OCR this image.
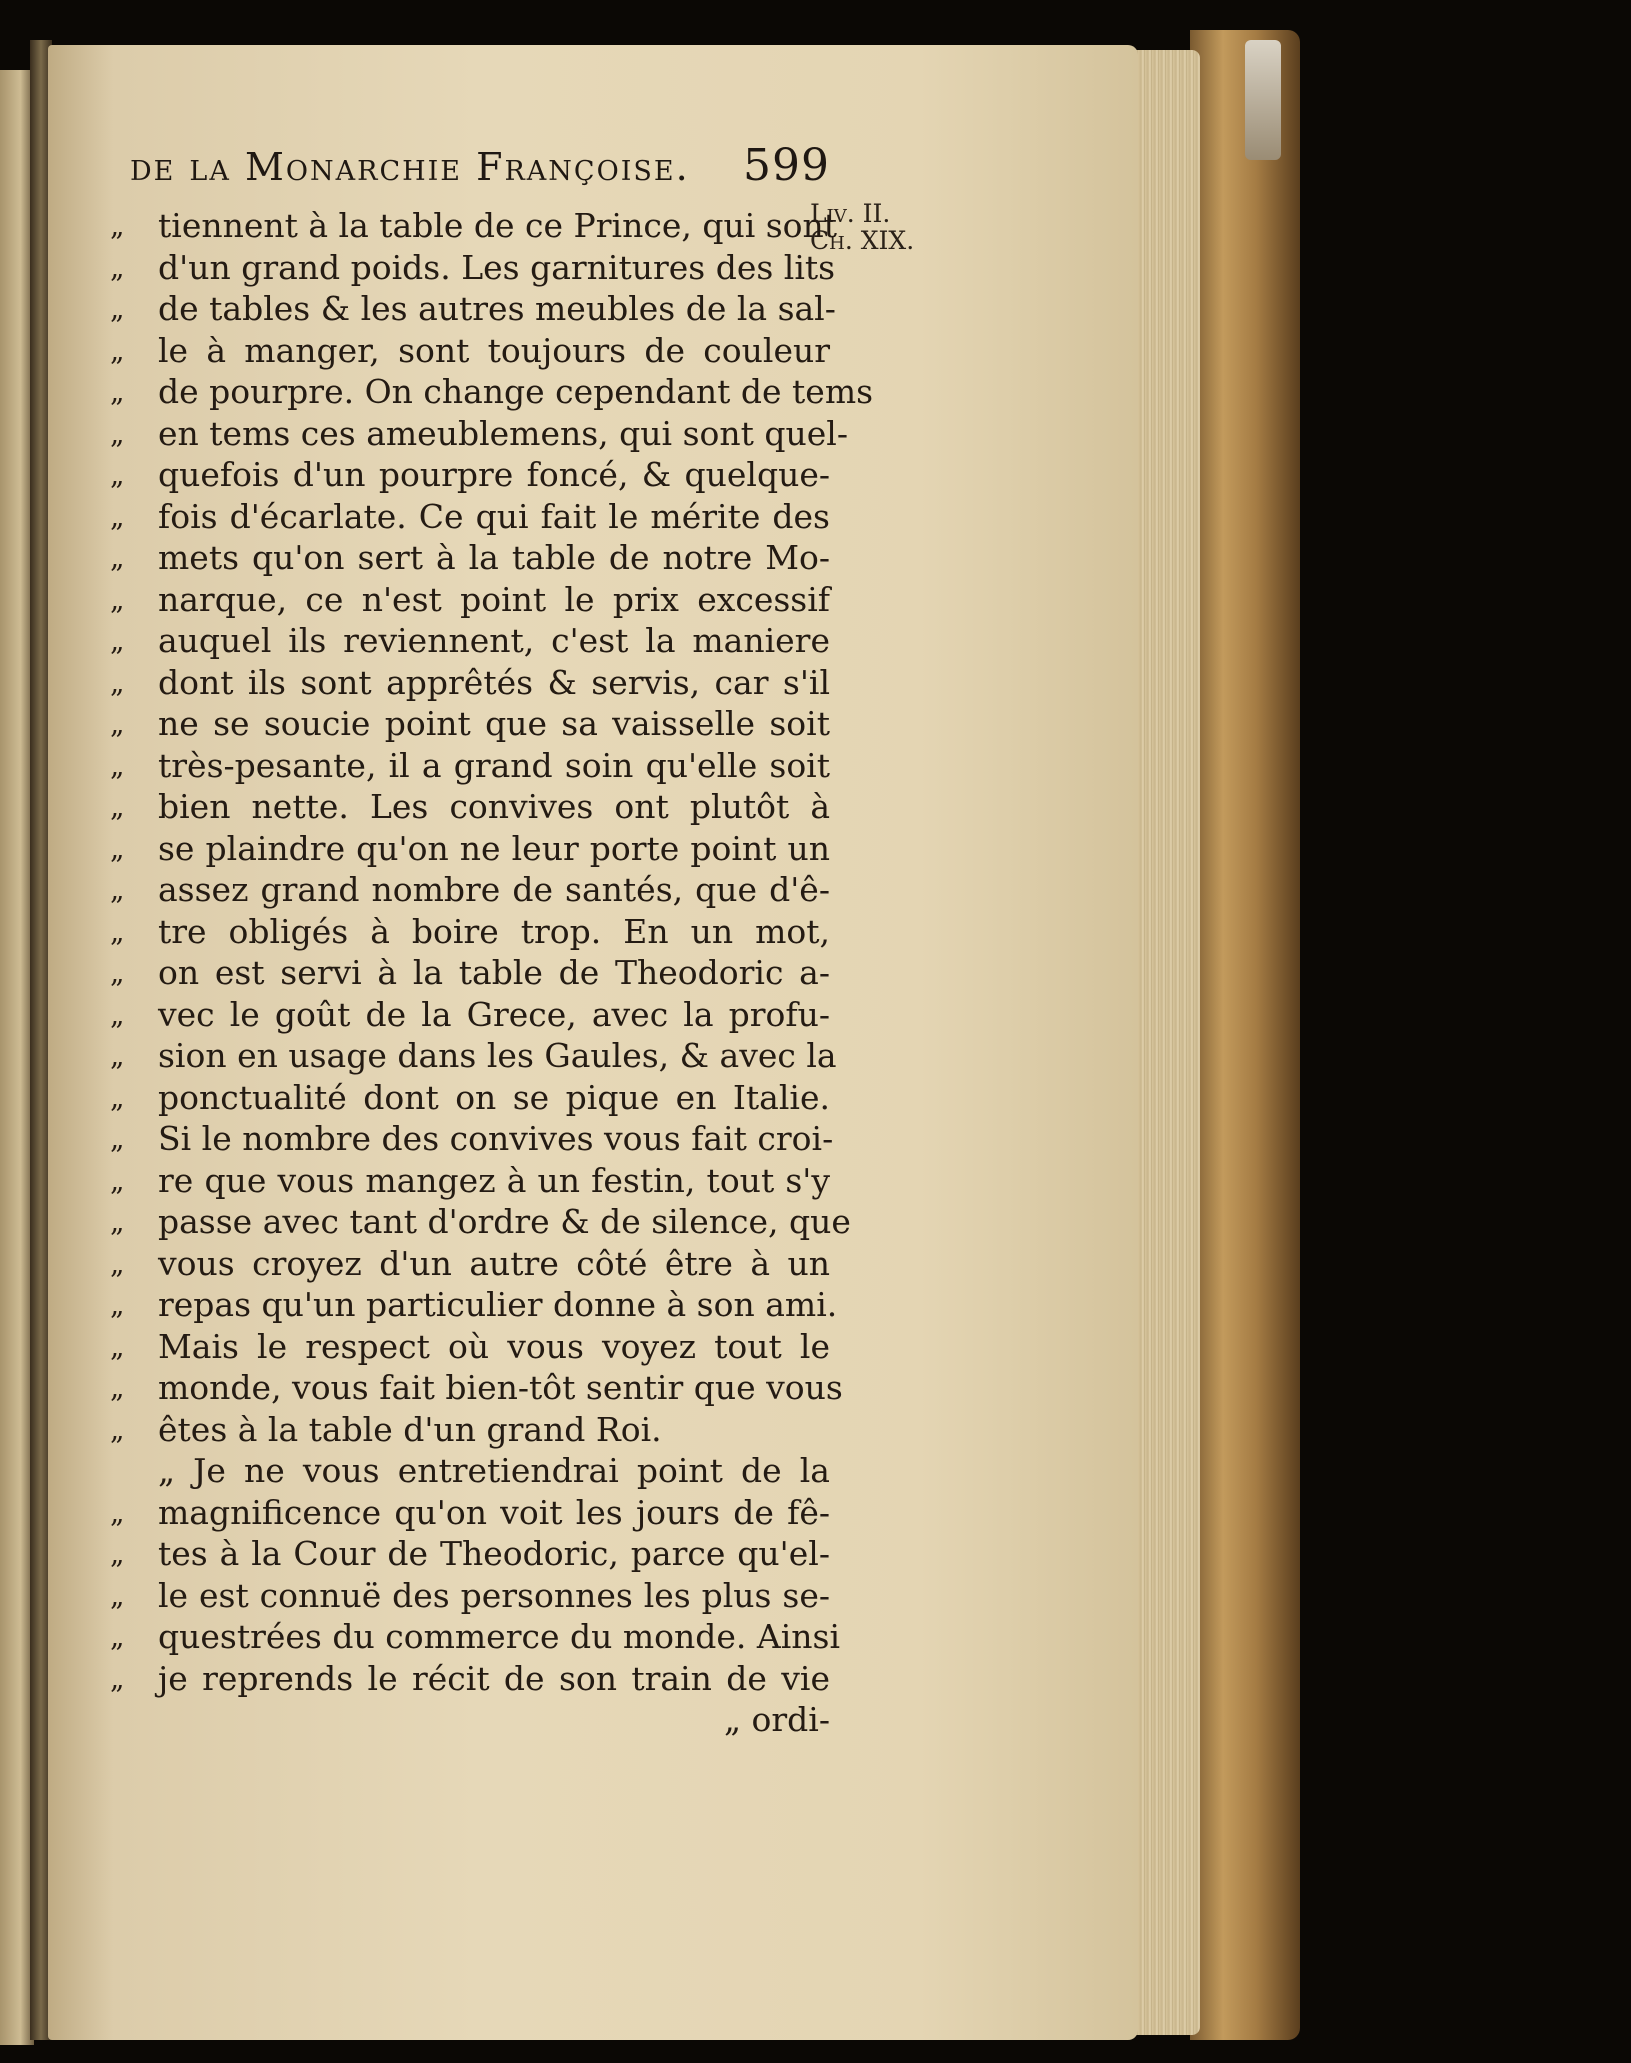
de la Monarchie Françoise. 599
Liv. II.
Ch. XIX.
„	tiennent à la table de ce Prince, qui sont
„	d'un grand poids. Les garnitures des lits
„	de tables & les autres meubles de la sal-
„	le à manger, sont toujours de couleur
„	de pourpre. On change cependant de tems
„	en tems ces ameublemens, qui sont quel-
„	quefois d'un pourpre foncé, & quelque-
„	fois d'écarlate. Ce qui fait le mérite des
„	mets qu'on sert à la table de notre Mo-
„	narque, ce n'est point le prix excessif
„	auquel ils reviennent, c'est la maniere
„	dont ils sont apprêtés & servis, car s'il
„	ne se soucie point que sa vaisselle soit
„	très-pesante, il a grand soin qu'elle soit
„	bien nette. Les convives ont plutôt à
„	se plaindre qu'on ne leur porte point un
„	assez grand nombre de santés, que d'ê-
„	tre obligés à boire trop. En un mot,
„	on est servi à la table de Theodoric a-
„	vec le goût de la Grece, avec la profu-
„	sion en usage dans les Gaules, & avec la
„	ponctualité dont on se pique en Italie.
„	Si le nombre des convives vous fait croi-
„	re que vous mangez à un festin, tout s'y
„	passe avec tant d'ordre & de silence, que
„	vous croyez d'un autre côté être à un
„	repas qu'un particulier donne à son ami.
„	Mais le respect où vous voyez tout le
„	monde, vous fait bien-tôt sentir que vous
„	êtes à la table d'un grand Roi.
„ Je ne vous entretiendrai point de la
„	magnificence qu'on voit les jours de fê-
„	tes à la Cour de Theodoric, parce qu'el-
„	le est connuë des personnes les plus se-
„	questrées du commerce du monde. Ainsi
„	je reprends le récit de son train de vie
„ ordi-
